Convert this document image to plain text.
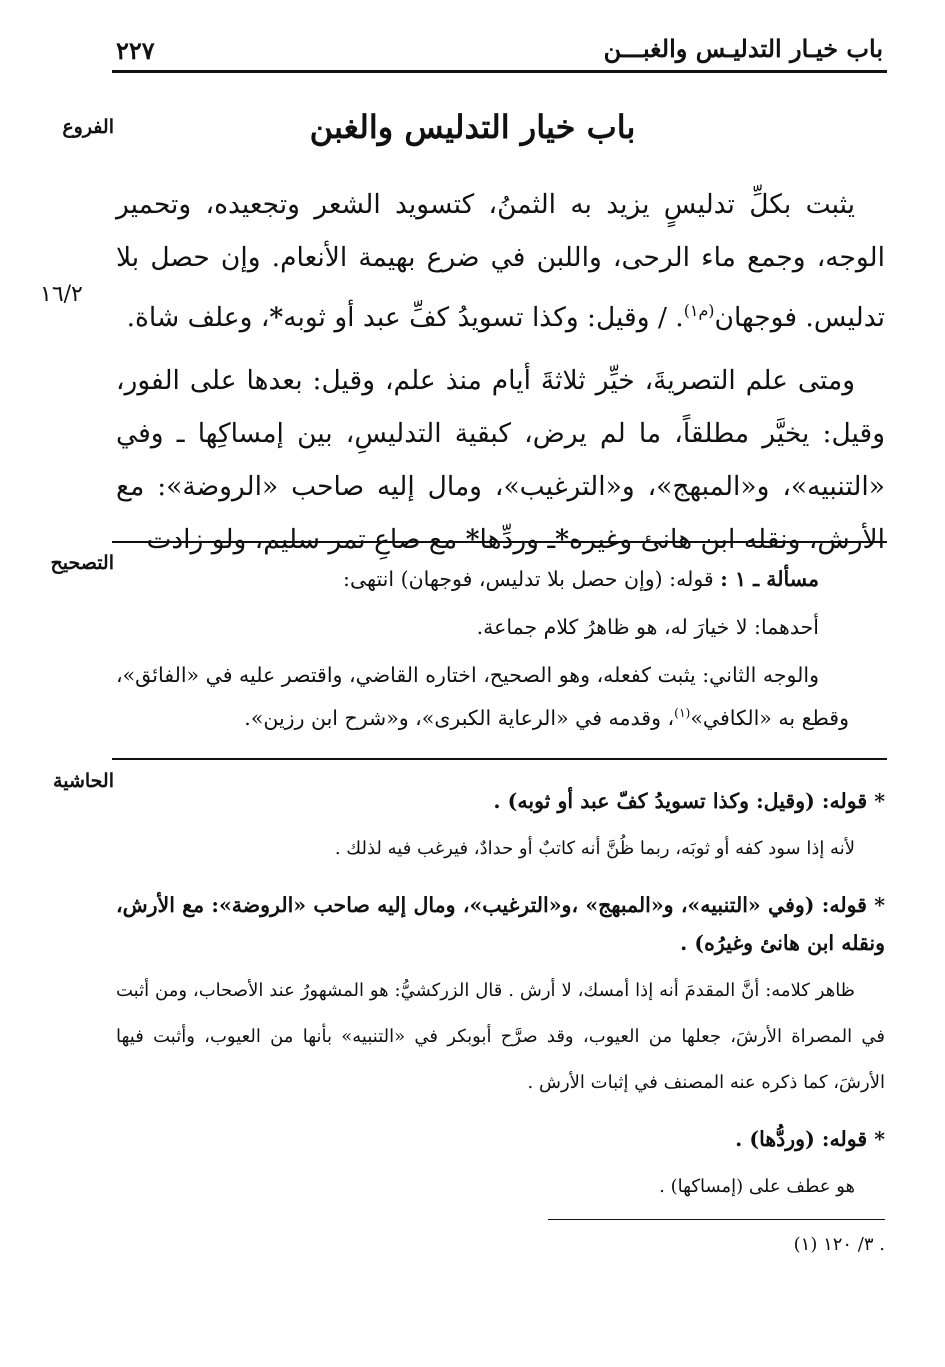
باب خيـار التدليـس والغبـــن
٢٢٧
الفروع	باب خيار التدليس والغبن

يثبت بكلِّ تدليسٍ يزيد به الثمنُ، كتسويد الشعر وتجعيده، وتحمير الوجه، وجمع ماء الرحى، واللبن في ضرع بهيمة الأنعام. وإن حصل بلا تدليس. فوجهان$^{(م١)}$. / وقيل: وكذا تسويدُ كفِّ عبد أو ثوبه*، وعلف شاة.

ومتى علم التصريةَ، خيِّر ثلاثةَ أيام منذ علم، وقيل: بعدها على الفور، وقيل: يخيَّر مطلقاً، ما لم يرض، كبقية التدليسِ، بين إمساكِها ـ وفي «التنبيه»، و«المبهج»، و«الترغيب»، ومال إليه صاحب «الروضة»: مع الأرش، ونقله ابن هانئ وغيره*ـ وردِّها* مع صاعِ تمر سليم، ولو زادت

١٦/٢
التصحيح

مسألة ـ ١ : قوله: (وإن حصل بلا تدليس، فوجهان) انتهى:

أحدهما: لا خيارَ له، هو ظاهرُ كلام جماعة.

والوجه الثاني: يثبت كفعله، وهو الصحيح، اختاره القاضي، واقتصر عليه في «الفائق»، وقطع به «الكافي»$^{(١)}$، وقدمه في «الرعاية الكبرى»، و«شرح ابن رزين».

الحاشية

* قوله: (وقيل: وكذا تسويدُ كفّ عبد أو ثوبه) .

لأنه إذا سود كفه أو ثوبَه، ربما ظُنَّ أنه كاتبٌ أو حدادٌ، فيرغب فيه لذلك .

* قوله: (وفي «التنبيه»، و«المبهج» ،و«الترغيب»، ومال إليه صاحب «الروضة»: مع الأرش، ونقله ابن هانئ وغيرُه) .

ظاهر كلامه: أنَّ المقدمَ أنه إذا أمسك، لا أرش . قال الزركشيُّ: هو المشهورُ عند الأصحاب، ومن أثبت في المصراة الأرشَ، جعلها من العيوب، وقد صرَّح أبوبكر في «التنبيه» بأنها من العيوب، وأثبت فيها الأرشَ، كما ذكره عنه المصنف في إثبات الأرش .

* قوله: (وردُّها) .

هو عطف على (إمساكها) .

(١) ٣/ ١٢٠ .
